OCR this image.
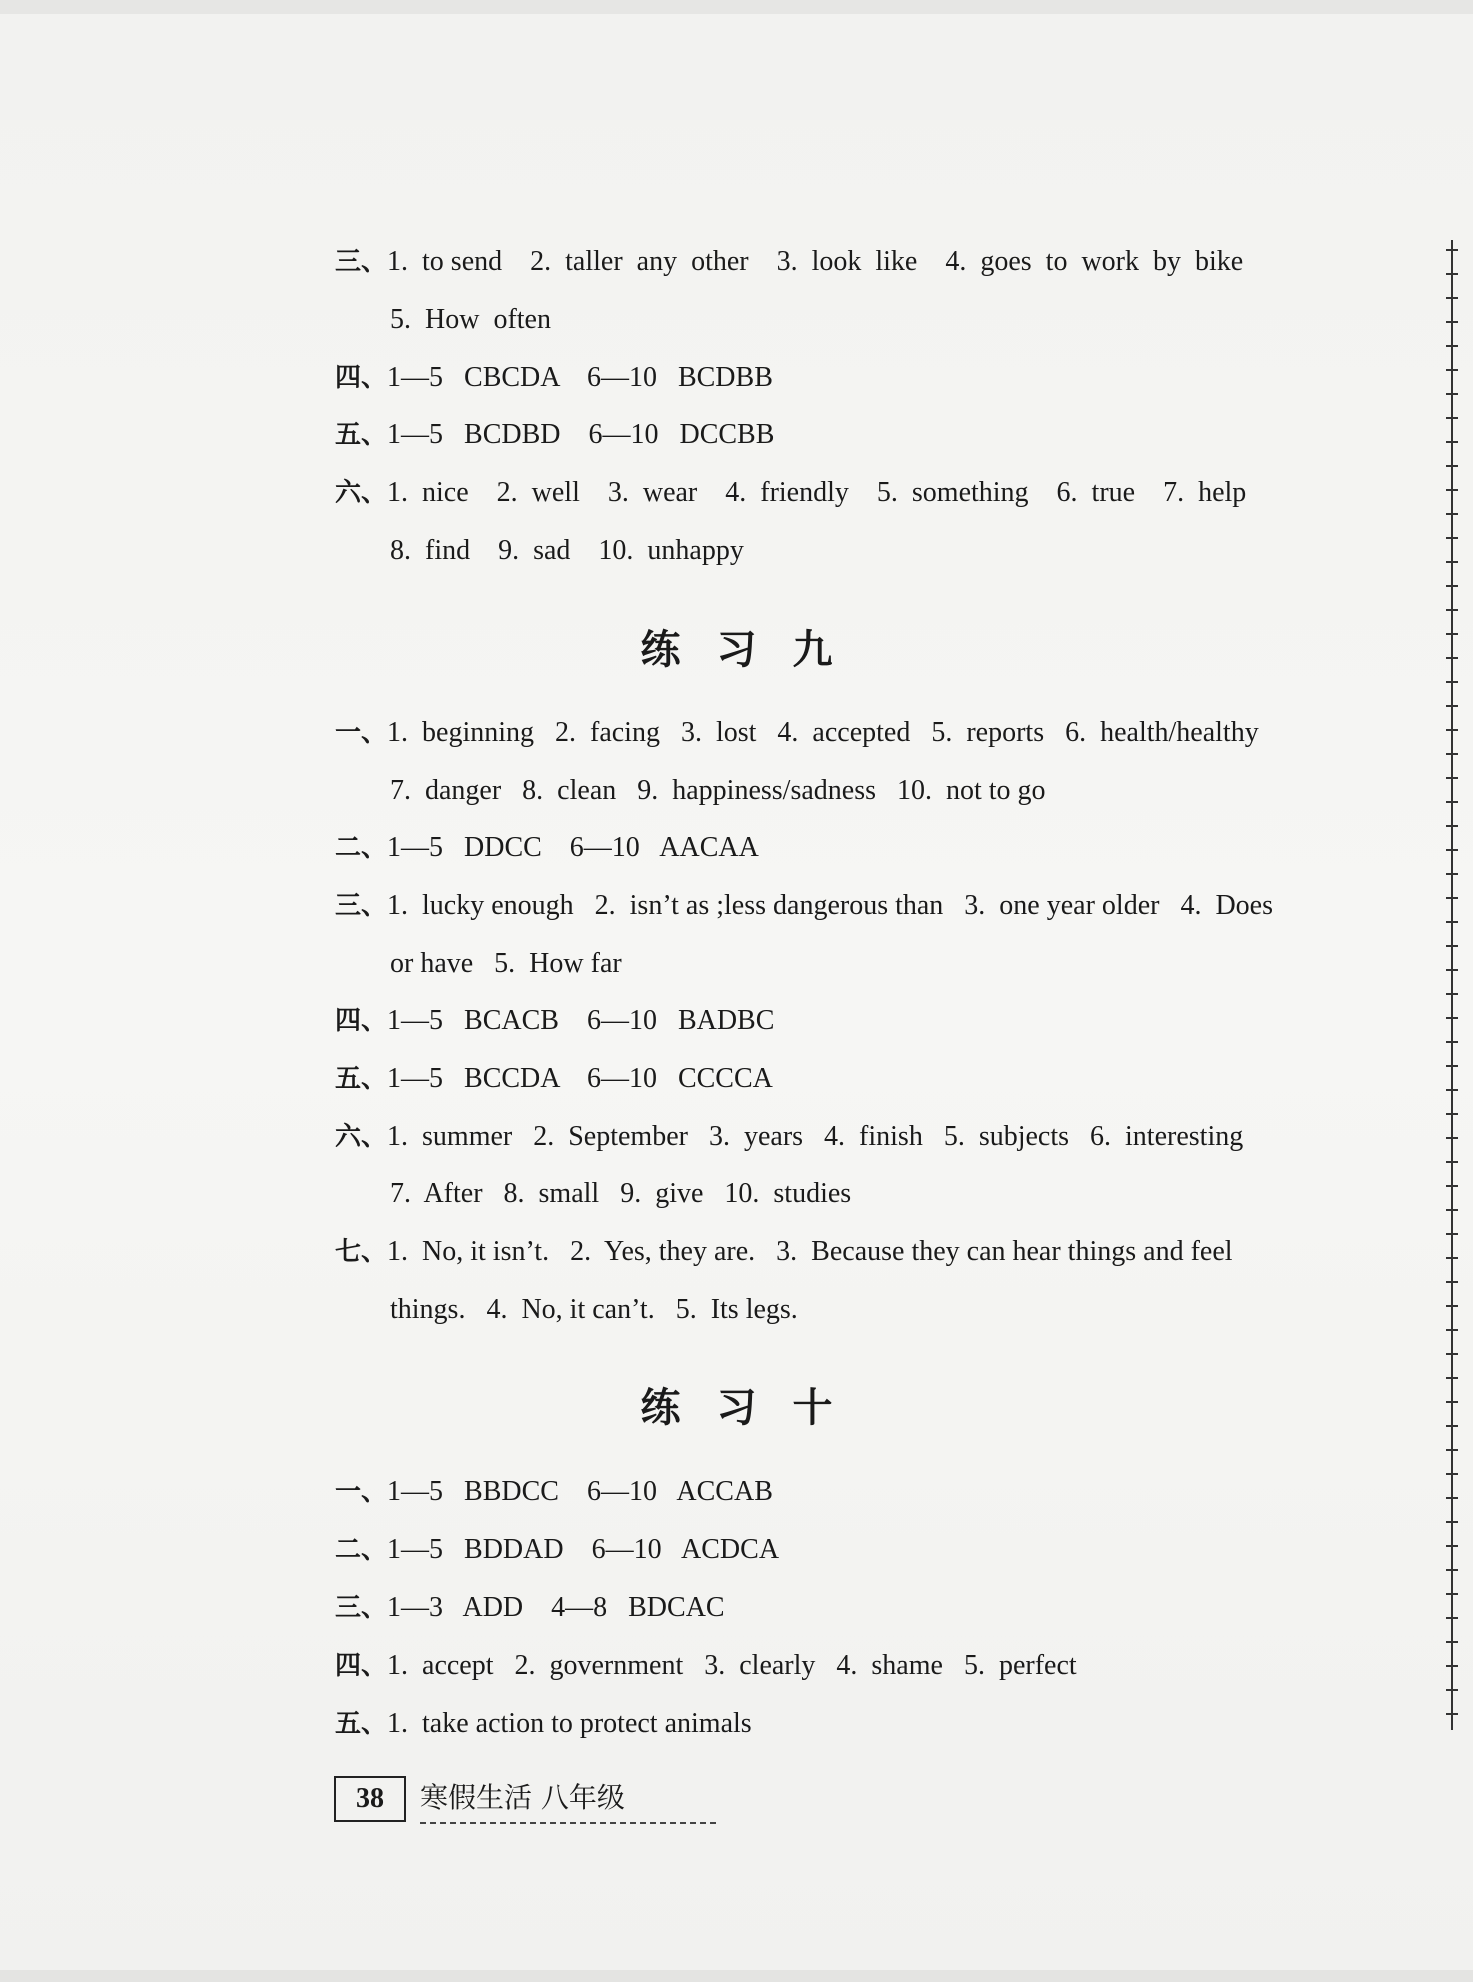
三、1.  to send    2.  taller  any  other    3.  look  like    4.  goes  to  work  by  bike
5.  How  often
四、1—5   CBCDA    6—10   BCDBB
五、1—5   BCDBD    6—10   DCCBB
六、1.  nice    2.  well    3.  wear    4.  friendly    5.  something    6.  true    7.  help
8.  find    9.  sad    10.  unhappy
练习九
一、1.  beginning   2.  facing   3.  lost   4.  accepted   5.  reports   6.  health/healthy
7.  danger   8.  clean   9.  happiness/sadness   10.  not to go
二、1—5   DDCC    6—10   AACAA
三、1.  lucky enough   2.  isn’t as ;less dangerous than   3.  one year older   4.  Does
or have   5.  How far
四、1—5   BCACB    6—10   BADBC
五、1—5   BCCDA    6—10   CCCCA
六、1.  summer   2.  September   3.  years   4.  finish   5.  subjects   6.  interesting
7.  After   8.  small   9.  give   10.  studies
七、1.  No, it isn’t.   2.  Yes, they are.   3.  Because they can hear things and feel
things.   4.  No, it can’t.   5.  Its legs.
练习十
一、1—5   BBDCC    6—10   ACCAB
二、1—5   BDDAD    6—10   ACDCA
三、1—3   ADD    4—8   BDCAC
四、1.  accept   2.  government   3.  clearly   4.  shame   5.  perfect
五、1.  take action to protect animals
38	寒假生活 八年级
